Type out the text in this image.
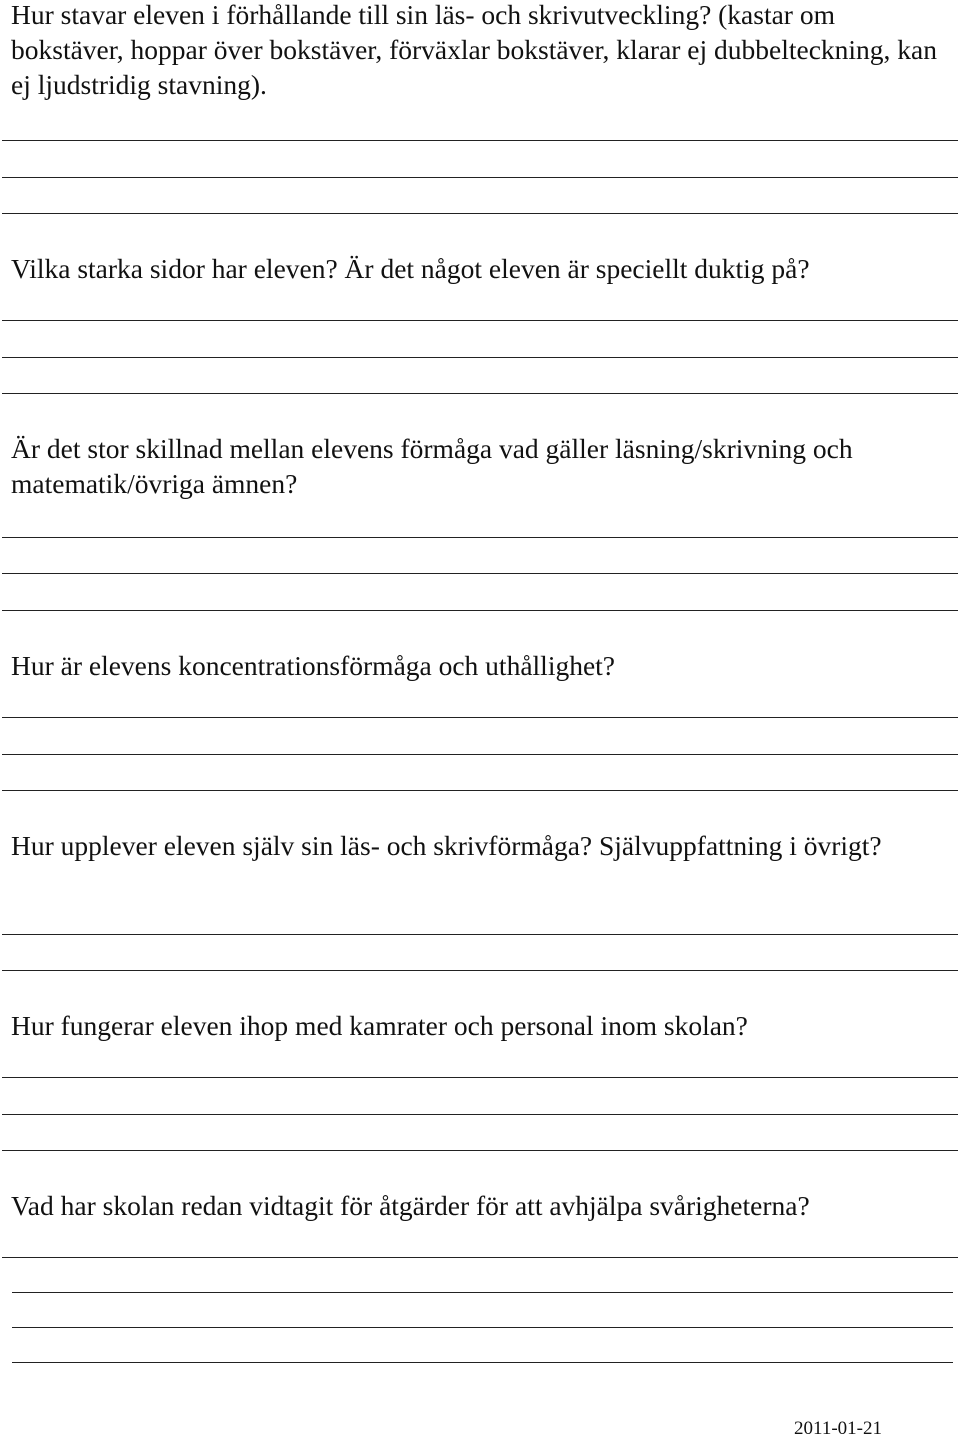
Hur stavar eleven i förhållande till sin läs- och skrivutveckling? (kastar om bokstäver, hoppar över bokstäver, förväxlar bokstäver, klarar ej dubbelteckning, kan ej ljudstridig stavning).

Vilka starka sidor har eleven? Är det något eleven är speciellt duktig på?

Är det stor skillnad mellan elevens förmåga vad gäller läsning/skrivning och matematik/övriga ämnen?

Hur är elevens koncentrationsförmåga och uthållighet?

Hur upplever eleven själv sin läs- och skrivförmåga? Självuppfattning i övrigt?

Hur fungerar eleven ihop med kamrater och personal inom skolan?

Vad har skolan redan vidtagit för åtgärder för att avhjälpa svårigheterna?

2011-01-21
